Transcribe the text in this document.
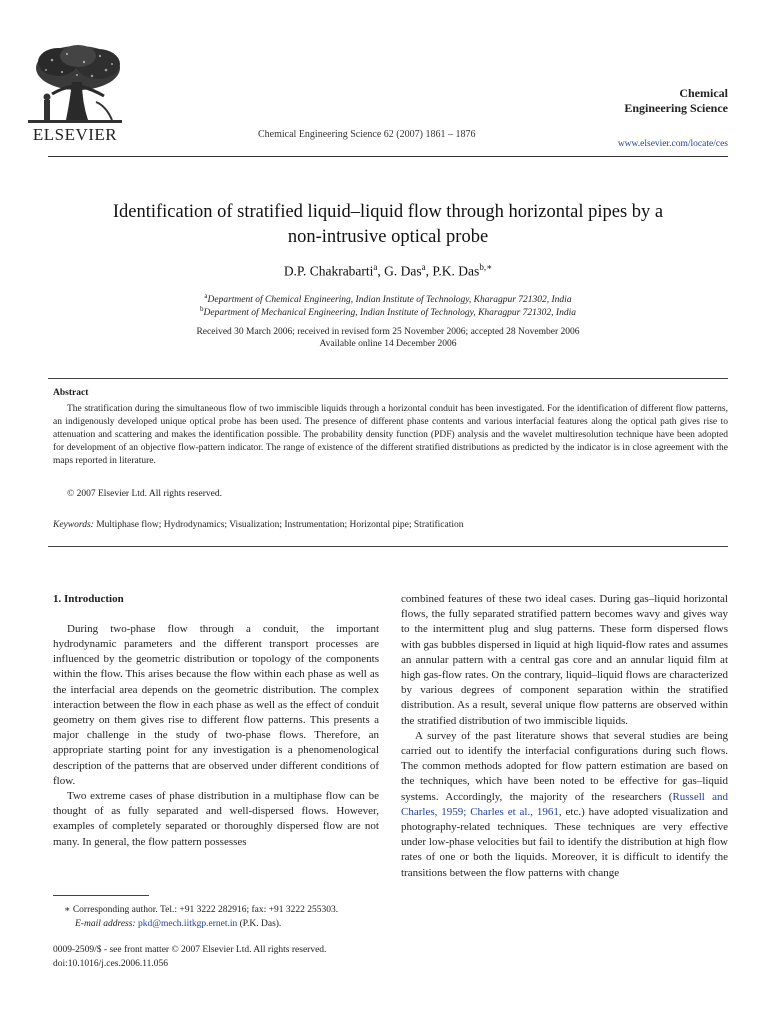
ELSEVIER	Chemical Engineering Science 62 (2007) 1861 – 1876
Chemical
Engineering Science
www.elsevier.com/locate/ces
Identification of stratified liquid–liquid flow through horizontal pipes by a
non-intrusive optical probe
D.P. Chakrabarti$^a$, G. Das$^a$, P.K. Das$^{b,∗}$
$^a$Department of Chemical Engineering, Indian Institute of Technology, Kharagpur 721302, India
$^b$Department of Mechanical Engineering, Indian Institute of Technology, Kharagpur 721302, India
Received 30 March 2006; received in revised form 25 November 2006; accepted 28 November 2006
Available online 14 December 2006
Abstract

The stratification during the simultaneous flow of two immiscible liquids through a horizontal conduit has been investigated. For the identification of different flow patterns, an indigenously developed unique optical probe has been used. The presence of different phase contents and various interfacial features along the optical path gives rise to attenuation and scattering and makes the identification possible. The probability density function (PDF) analysis and the wavelet multiresolution technique have been adopted for development of an objective flow-pattern indicator. The range of existence of the different stratified distributions as predicted by the indicator is in close agreement with the maps reported in literature.

© 2007 Elsevier Ltd. All rights reserved.
Keywords: Multiphase flow; Hydrodynamics; Visualization; Instrumentation; Horizontal pipe; Stratification

1. Introduction

During two-phase flow through a conduit, the important hydrodynamic parameters and the different transport processes are influenced by the geometric distribution or topology of the components within the flow. This arises because the flow within each phase as well as the interfacial area depends on the geometric distribution. The complex interaction between the flow in each phase as well as the effect of conduit geometry on them gives rise to different flow patterns. This presents a major challenge in the study of two-phase flows. Therefore, an appropriate starting point for any investigation is a phenomenological description of the patterns that are observed under different conditions of flow.

Two extreme cases of phase distribution in a multiphase flow can be thought of as fully separated and well-dispersed flows. However, examples of completely separated or thoroughly dispersed flow are not many. In general, the flow pattern possesses

combined features of these two ideal cases. During gas–liquid horizontal flows, the fully separated stratified pattern becomes wavy and gives way to the intermittent plug and slug patterns. These form dispersed flows with gas bubbles dispersed in liquid at high liquid-flow rates and assumes an annular pattern with a central gas core and an annular liquid film at high gas-flow rates. On the contrary, liquid–liquid flows are characterized by various degrees of component separation within the stratified distribution. As a result, several unique flow patterns are observed within the stratified distribution of two immiscible liquids.

A survey of the past literature shows that several studies are being carried out to identify the interfacial configurations during such flows. The common methods adopted for flow pattern estimation are based on the techniques, which have been noted to be effective for gas–liquid systems. Accordingly, the majority of the researchers (Russell and Charles, 1959; Charles et al., 1961, etc.) have adopted visualization and photography-related techniques. These techniques are very effective under low-phase velocities but fail to identify the distribution at high flow rates of one or both the liquids. Moreover, it is difficult to identify the transitions between the flow patterns with change

∗ Corresponding author. Tel.: +91 3222 282916; fax: +91 3222 255303.
E-mail address: pkd@mech.iitkgp.ernet.in (P.K. Das).
0009-2509/$ - see front matter © 2007 Elsevier Ltd. All rights reserved.
doi:10.1016/j.ces.2006.11.056
